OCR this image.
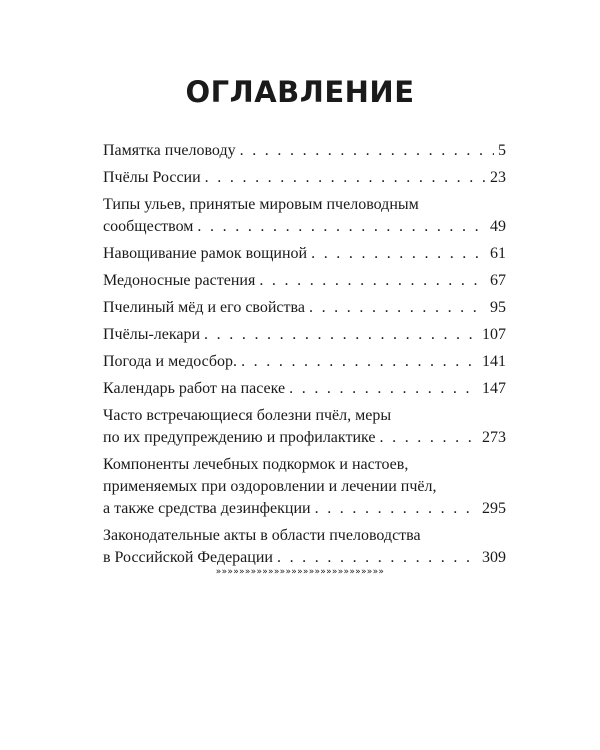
ОГЛАВЛЕНИЕ
Памятка пчеловоду . . .	5
Пчёлы России . . .	23
Типы ульев, принятые мировым пчеловодным
сообществом . . .	49
Навощивание рамок вощиной . . .	61
Медоносные растения . . .	67
Пчелиный мёд и его свойства . . .	95
Пчёлы-лекари . . .	107
Погода и медосбор. . . .	141
Календарь работ на пасеке . . .	147
Часто встречающиеся болезни пчёл, меры
по их предупреждению и профилактике . . .	273
Компоненты лечебных подкормок и настоев,
применяемых при оздоровлении и лечении пчёл,
а также средства дезинфекции . . .	295
Законодательные акты в области пчеловодства
в Российской Федерации . . .	309
»»»»»»»»»»»»»»»»»»»»»»»»»»»»»
